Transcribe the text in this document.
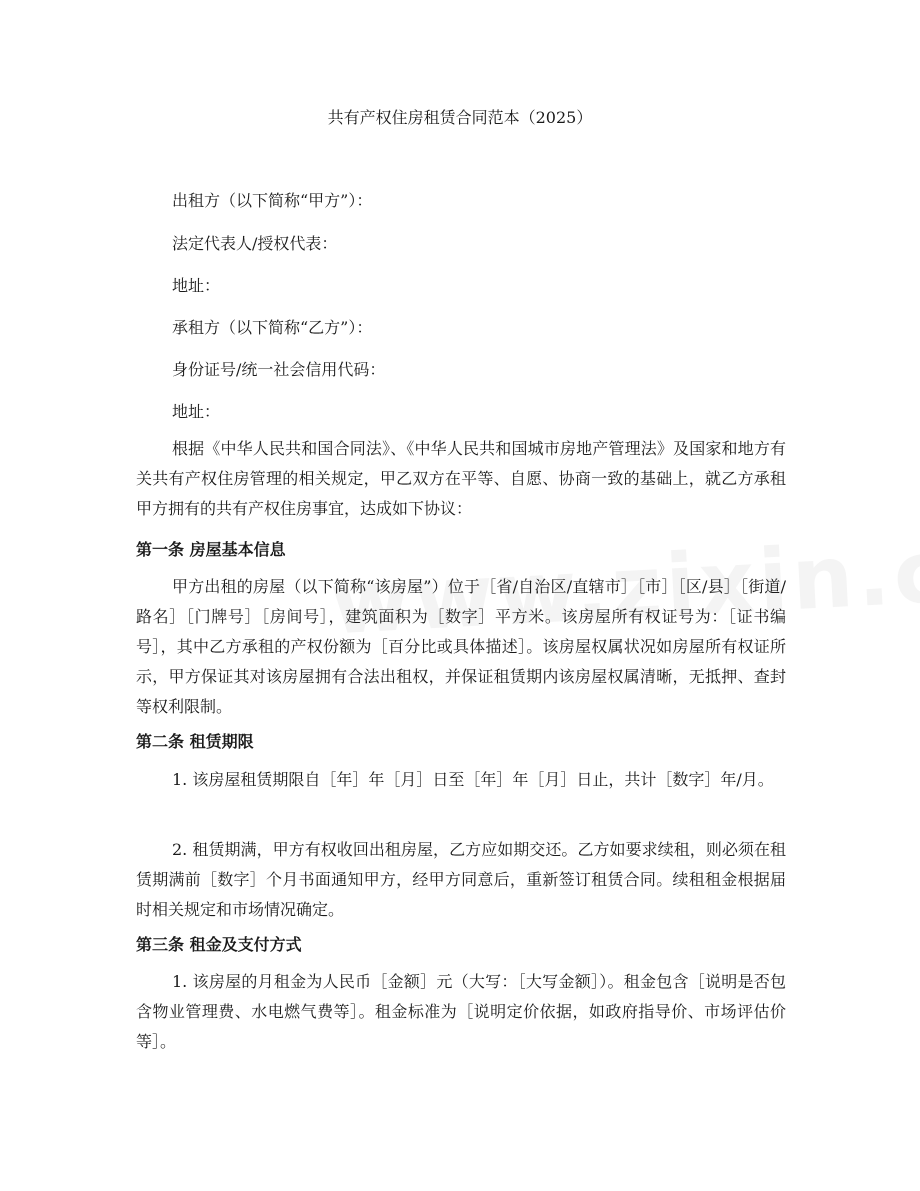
共有产权住房租赁合同范本（2025）
出租方（以下简称“甲方”）：
法定代表人/授权代表：
地址：
承租方（以下简称“乙方”）：
身份证号/统一社会信用代码：
地址：
根据《中华人民共和国合同法》、《中华人民共和国城市房地产管理法》及国家和地方有关共有产权住房管理的相关规定，甲乙双方在平等、自愿、协商一致的基础上，就乙方承租甲方拥有的共有产权住房事宜，达成如下协议：
第一条 房屋基本信息
甲方出租的房屋（以下简称“该房屋”）位于［省/自治区/直辖市］［市］［区/县］［街道/路名］［门牌号］［房间号］，建筑面积为［数字］平方米。该房屋所有权证号为：［证书编号］，其中乙方承租的产权份额为［百分比或具体描述］。该房屋权属状况如房屋所有权证所示，甲方保证其对该房屋拥有合法出租权，并保证租赁期内该房屋权属清晰，无抵押、查封等权利限制。
第二条 租赁期限
1. 该房屋租赁期限自［年］年［月］日至［年］年［月］日止，共计［数字］年/月。
2. 租赁期满，甲方有权收回出租房屋，乙方应如期交还。乙方如要求续租，则必须在租赁期满前［数字］个月书面通知甲方，经甲方同意后，重新签订租赁合同。续租租金根据届时相关规定和市场情况确定。
第三条 租金及支付方式
1. 该房屋的月租金为人民币［金额］元（大写：［大写金额］）。租金包含［说明是否包含物业管理费、水电燃气费等］。租金标准为［说明定价依据，如政府指导价、市场评估价等］。
